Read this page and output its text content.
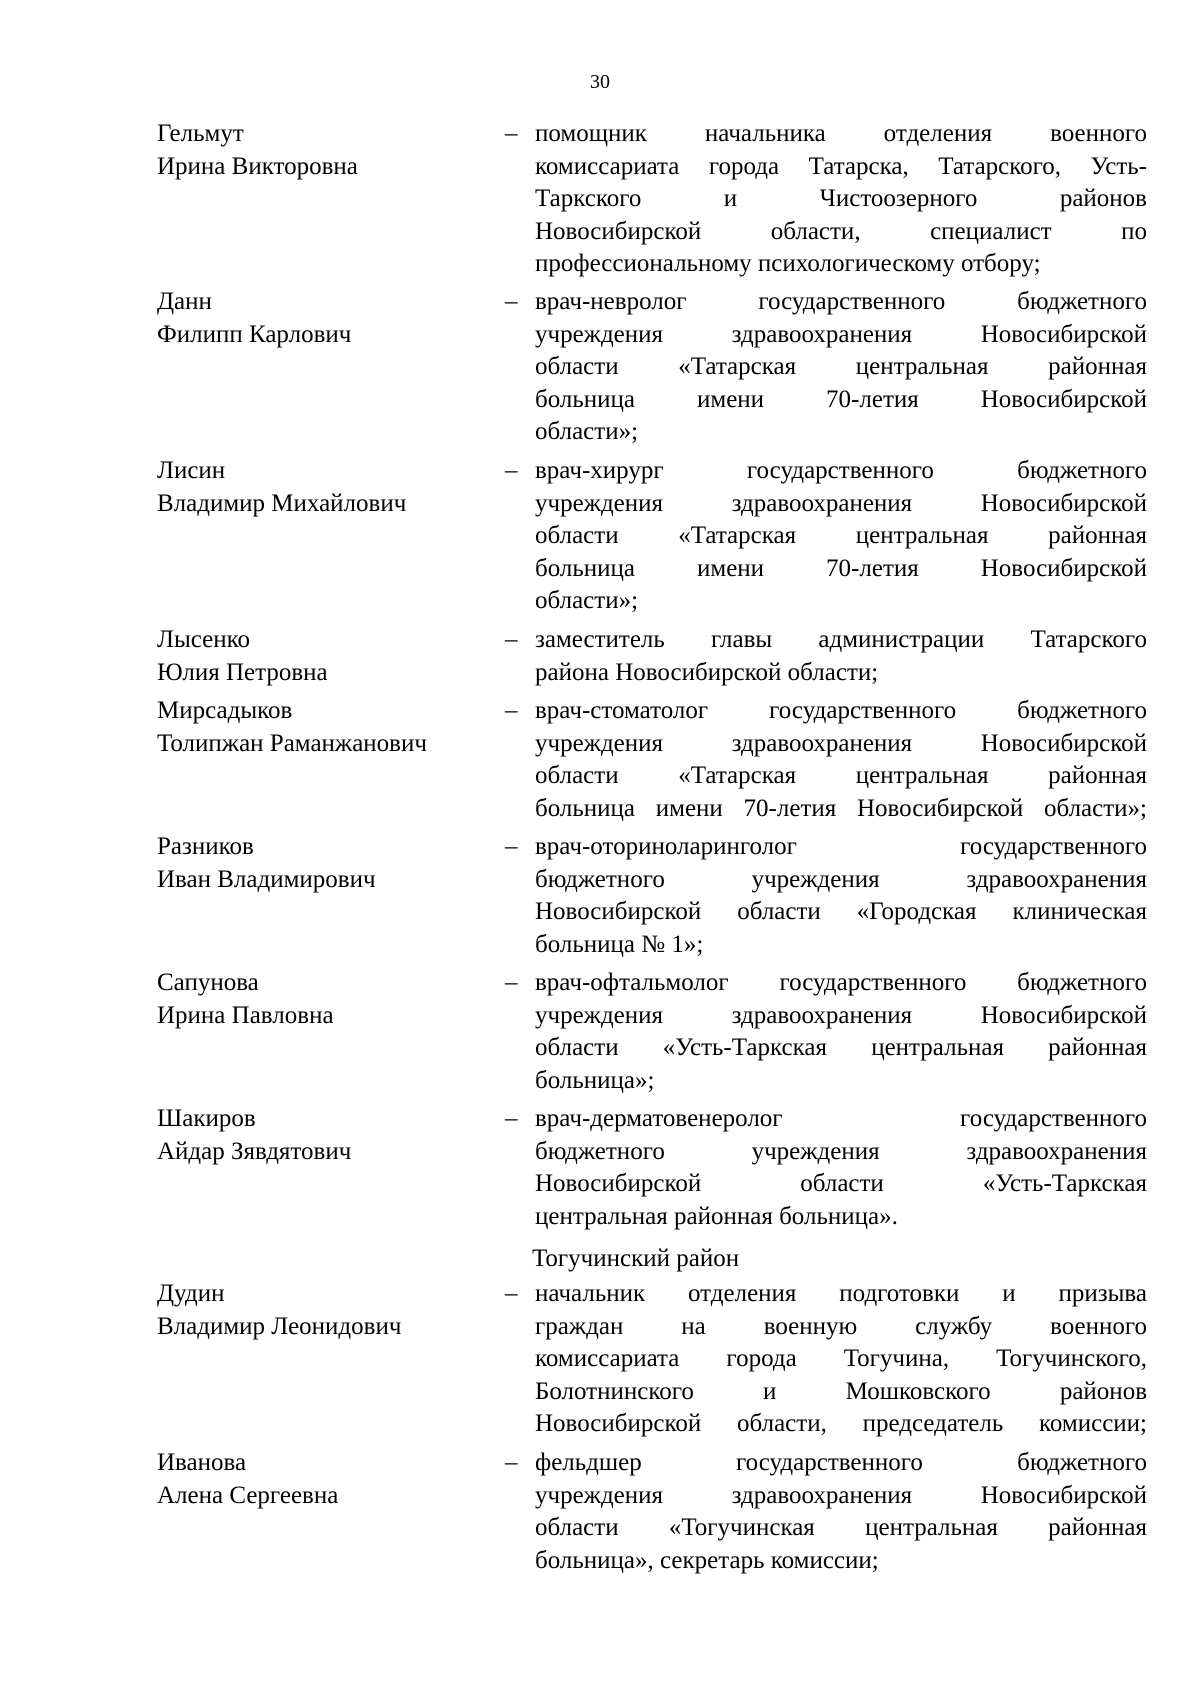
30
Гельмут
Ирина Викторовна
– помощник начальника отделения военного
комиссариата города Татарска, Татарского, Усть-
Таркского и Чистоозерного районов
Новосибирской области, специалист по
профессиональному психологическому отбору;
Данн
Филипп Карлович
– врач-невролог государственного бюджетного
учреждения здравоохранения Новосибирской
области «Татарская центральная районная
больница имени 70-летия Новосибирской
области»;
Лисин
Владимир Михайлович
– врач-хирург государственного бюджетного
учреждения здравоохранения Новосибирской
области «Татарская центральная районная
больница имени 70-летия Новосибирской
области»;
Лысенко
Юлия Петровна
– заместитель главы администрации Татарского
района Новосибирской области;
Мирсадыков
Толипжан Раманжанович
– врач-стоматолог государственного бюджетного
учреждения здравоохранения Новосибирской
области «Татарская центральная районная
больница имени 70-летия Новосибирской области»;
Разников
Иван Владимирович
– врач-оториноларинголог государственного
бюджетного учреждения здравоохранения
Новосибирской области «Городская клиническая
больница № 1»;
Сапунова
Ирина Павловна
– врач-офтальмолог государственного бюджетного
учреждения здравоохранения Новосибирской
области «Усть-Таркская центральная районная
больница»;
Шакиров
Айдар Зявдятович
– врач-дерматовенеролог государственного
бюджетного учреждения здравоохранения
Новосибирской области «Усть-Таркская
центральная районная больница».
Тогучинский район
Дудин
Владимир Леонидович
– начальник отделения подготовки и призыва
граждан на военную службу военного
комиссариата города Тогучина, Тогучинского,
Болотнинского и Мошковского районов
Новосибирской области, председатель комиссии;
Иванова
Алена Сергеевна
– фельдшер государственного бюджетного
учреждения здравоохранения Новосибирской
области «Тогучинская центральная районная
больница», секретарь комиссии;
